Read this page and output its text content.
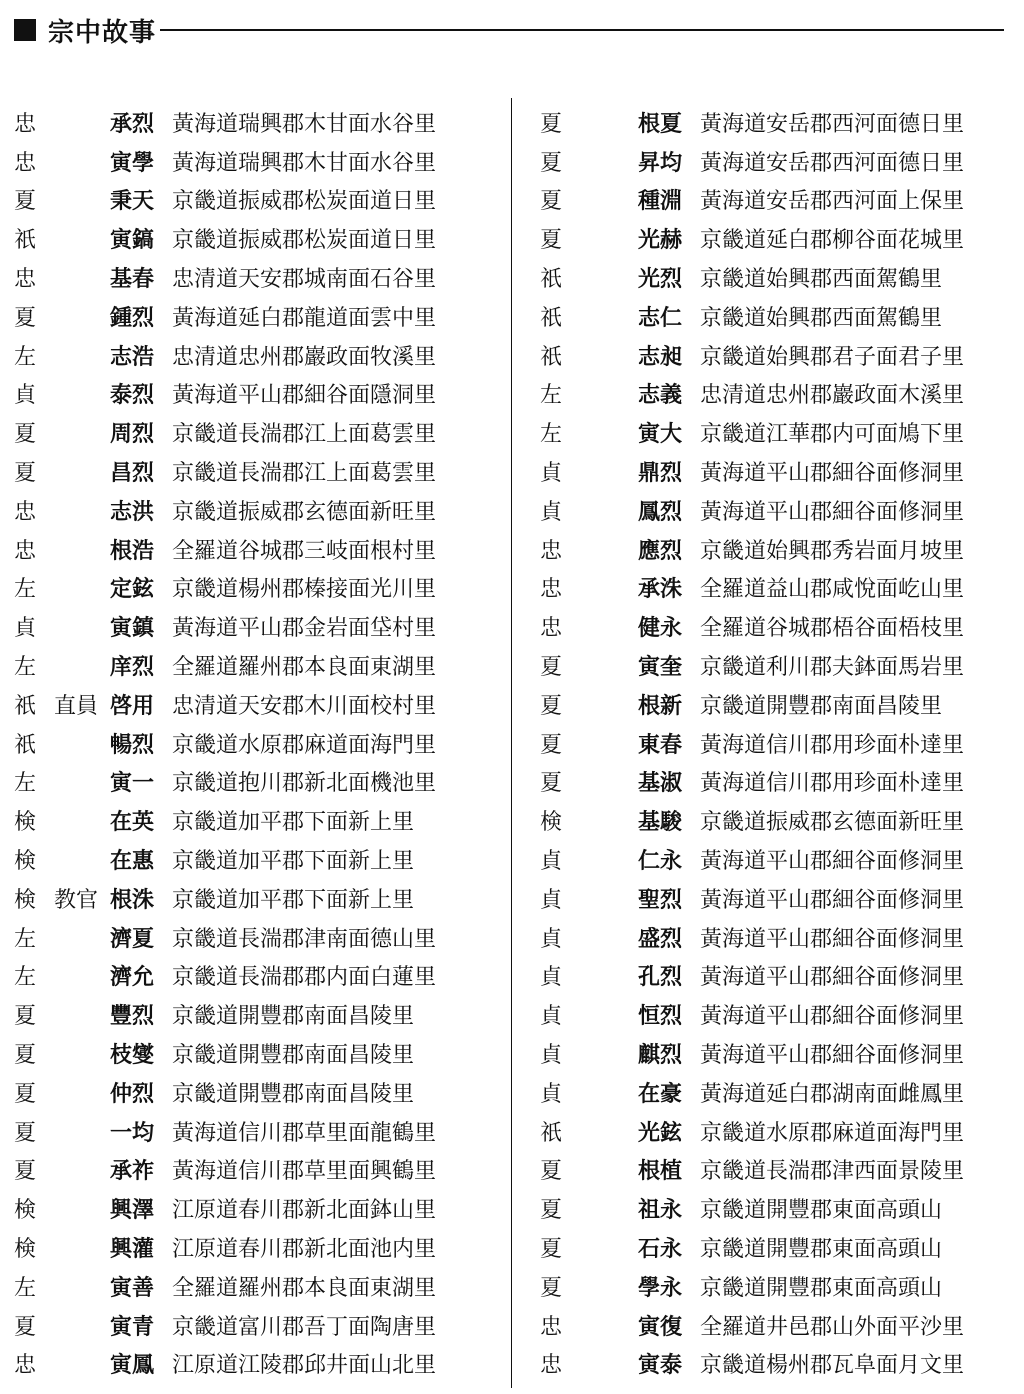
宗中故事
忠	承烈 黃海道瑞興郡木甘面水谷里
忠	寅學 黃海道瑞興郡木甘面水谷里
夏	秉天 京畿道振威郡松炭面道日里
祇	寅鎬 京畿道振威郡松炭面道日里
忠	基春 忠清道天安郡城南面石谷里
夏	鍾烈 黃海道延白郡龍道面雲中里
左	志浩 忠清道忠州郡巖政面牧溪里
貞	泰烈 黃海道平山郡細谷面隱洞里
夏	周烈 京畿道長湍郡江上面葛雲里
夏	昌烈 京畿道長湍郡江上面葛雲里
忠	志洪 京畿道振威郡玄德面新旺里
忠	根浩 全羅道谷城郡三岐面根村里
左	定鉉 京畿道楊州郡榛接面光川里
貞	寅鎮 黃海道平山郡金岩面垈村里
左	庠烈 全羅道羅州郡本良面東湖里
祇 直員 啓用 忠清道天安郡木川面校村里
祇	暢烈 京畿道水原郡麻道面海門里
左	寅一 京畿道抱川郡新北面機池里
検	在英 京畿道加平郡下面新上里
検	在惠 京畿道加平郡下面新上里
検 教官 根洙 京畿道加平郡下面新上里
左	濟夏 京畿道長湍郡津南面德山里
左	濟允 京畿道長湍郡郡内面白蓮里
夏	豐烈 京畿道開豐郡南面昌陵里
夏	枝燮 京畿道開豐郡南面昌陵里
夏	仲烈 京畿道開豐郡南面昌陵里
夏	一均 黃海道信川郡草里面龍鶴里
夏	承祚 黃海道信川郡草里面興鶴里
検	興澤 江原道春川郡新北面鉢山里
検	興灌 江原道春川郡新北面池内里
左	寅善 全羅道羅州郡本良面東湖里
夏	寅青 京畿道富川郡吾丁面陶唐里
忠	寅鳳 江原道江陵郡邱井面山北里
夏	根夏 黃海道安岳郡西河面德日里
夏	昇均 黃海道安岳郡西河面德日里
夏	種淵 黃海道安岳郡西河面上保里
夏	光赫 京畿道延白郡柳谷面花城里
祇	光烈 京畿道始興郡西面駕鶴里
祇	志仁 京畿道始興郡西面駕鶴里
祇	志昶 京畿道始興郡君子面君子里
左	志義 忠清道忠州郡巖政面木溪里
左	寅大 京畿道江華郡内可面鳩下里
貞	鼎烈 黃海道平山郡細谷面修洞里
貞	鳳烈 黃海道平山郡細谷面修洞里
忠	應烈 京畿道始興郡秀岩面月坡里
忠	承洙 全羅道益山郡咸悅面屹山里
忠	健永 全羅道谷城郡梧谷面梧枝里
夏	寅奎 京畿道利川郡夫鉢面馬岩里
夏	根新 京畿道開豐郡南面昌陵里
夏	東春 黃海道信川郡用珍面朴達里
夏	基淑 黃海道信川郡用珍面朴達里
検	基駿 京畿道振威郡玄德面新旺里
貞	仁永 黃海道平山郡細谷面修洞里
貞	聖烈 黃海道平山郡細谷面修洞里
貞	盛烈 黃海道平山郡細谷面修洞里
貞	孔烈 黃海道平山郡細谷面修洞里
貞	恒烈 黃海道平山郡細谷面修洞里
貞	麒烈 黃海道平山郡細谷面修洞里
貞	在豪 黃海道延白郡湖南面雌鳳里
祇	光鉉 京畿道水原郡麻道面海門里
夏	根植 京畿道長湍郡津西面景陵里
夏	祖永 京畿道開豐郡東面高頭山
夏	石永 京畿道開豐郡東面高頭山
夏	學永 京畿道開豐郡東面高頭山
忠	寅復 全羅道井邑郡山外面平沙里
忠	寅泰 京畿道楊州郡瓦阜面月文里
